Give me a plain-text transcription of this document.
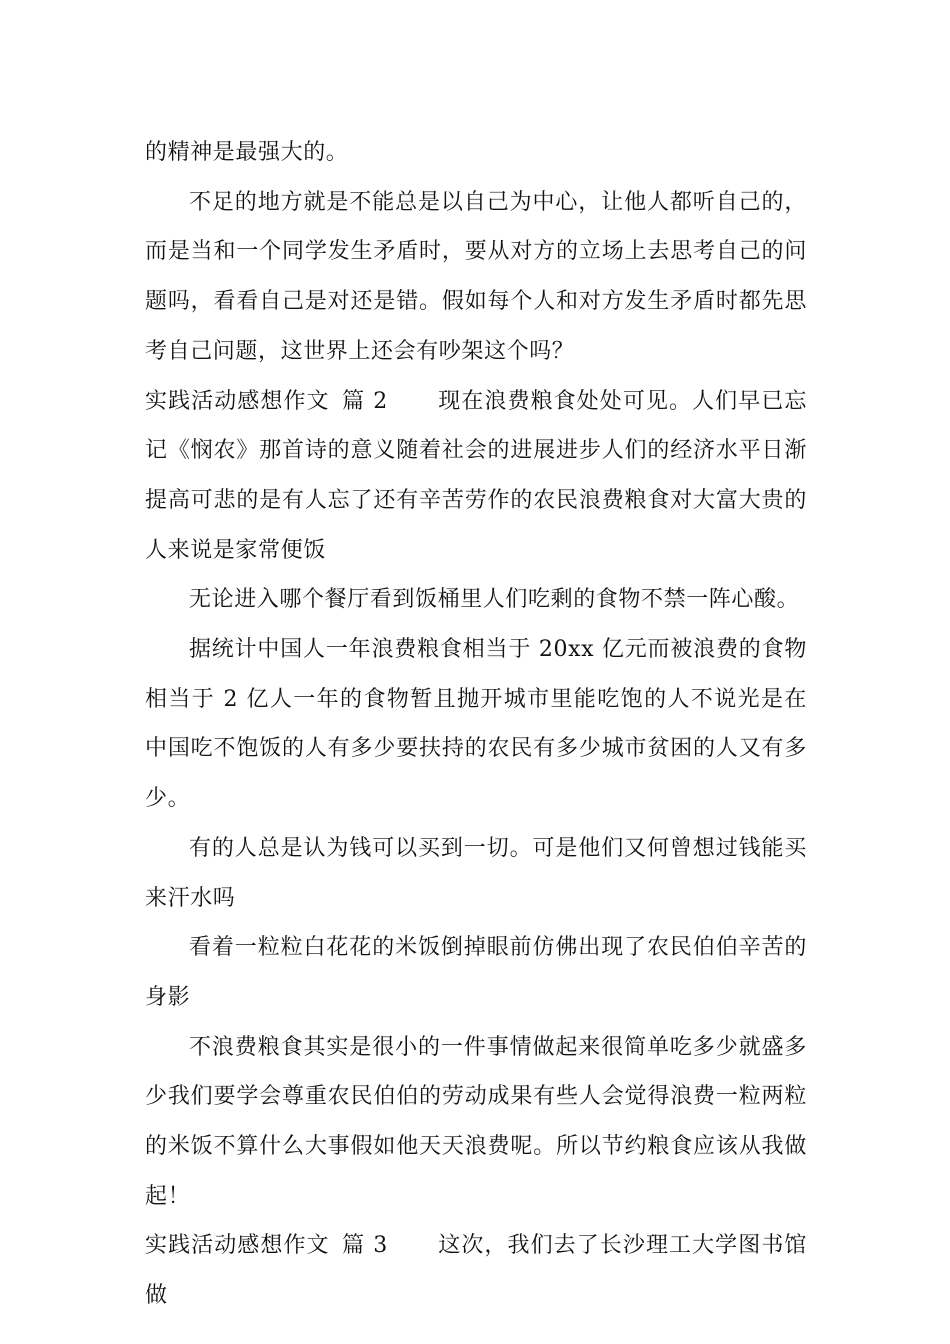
的精神是最强大的。

不足的地方就是不能总是以自己为中心，让他人都听自己的，而是当和一个同学发生矛盾时，要从对方的立场上去思考自己的问题吗，看看自己是对还是错。假如每个人和对方发生矛盾时都先思考自己问题，这世界上还会有吵架这个吗？

实践活动感想作文 篇 2 现在浪费粮食处处可见。人们早已忘记《悯农》那首诗的意义随着社会的进展进步人们的经济水平日渐提高可悲的是有人忘了还有辛苦劳作的农民浪费粮食对大富大贵的人来说是家常便饭

无论进入哪个餐厅看到饭桶里人们吃剩的食物不禁一阵心酸。

据统计中国人一年浪费粮食相当于 20xx 亿元而被浪费的食物相当于 2 亿人一年的食物暂且抛开城市里能吃饱的人不说光是在中国吃不饱饭的人有多少要扶持的农民有多少城市贫困的人又有多少。

有的人总是认为钱可以买到一切。可是他们又何曾想过钱能买来汗水吗

看着一粒粒白花花的米饭倒掉眼前仿佛出现了农民伯伯辛苦的身影

不浪费粮食其实是很小的一件事情做起来很简单吃多少就盛多少我们要学会尊重农民伯伯的劳动成果有些人会觉得浪费一粒两粒的米饭不算什么大事假如他天天浪费呢。所以节约粮食应该从我做起！

实践活动感想作文 篇 3 这次，我们去了长沙理工大学图书馆做
